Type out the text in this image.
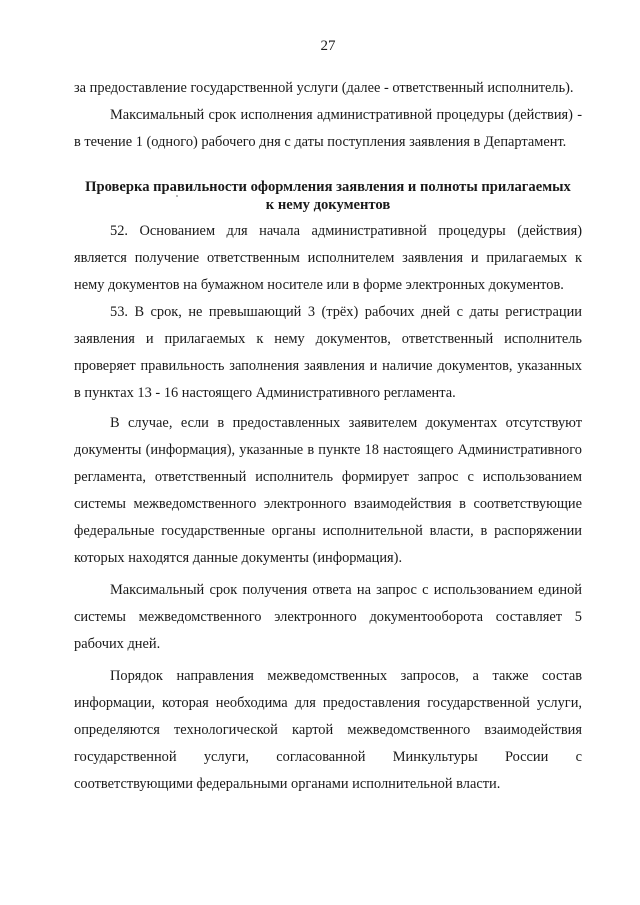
27

за предоставление государственной услуги (далее - ответственный исполнитель).

Максимальный срок исполнения административной процедуры (действия) - в течение 1 (одного) рабочего дня с даты поступления заявления в Департамент.

Проверка правильности оформления заявления и полноты прилагаемых
к нему документов

52. Основанием для начала административной процедуры (действия) является получение ответственным исполнителем заявления и прилагаемых к нему документов на бумажном носителе или в форме электронных документов.

53. В срок, не превышающий 3 (трёх) рабочих дней с даты регистрации заявления и прилагаемых к нему документов, ответственный исполнитель проверяет правильность заполнения заявления и наличие документов, указанных в пунктах 13 - 16 настоящего Административного регламента.

В случае, если в предоставленных заявителем документах отсутствуют документы (информация), указанные в пункте 18 настоящего Административного регламента, ответственный исполнитель формирует запрос с использованием системы межведомственного электронного взаимодействия в соответствующие федеральные государственные органы исполнительной власти, в распоряжении которых находятся данные документы (информация).

Максимальный срок получения ответа на запрос с использованием единой системы межведомственного электронного документооборота составляет 5 рабочих дней.

Порядок направления межведомственных запросов, а также состав информации, которая необходима для предоставления государственной услуги, определяются технологической картой межведомственного взаимодействия государственной услуги, согласованной Минкультуры России с соответствующими федеральными органами исполнительной власти.
